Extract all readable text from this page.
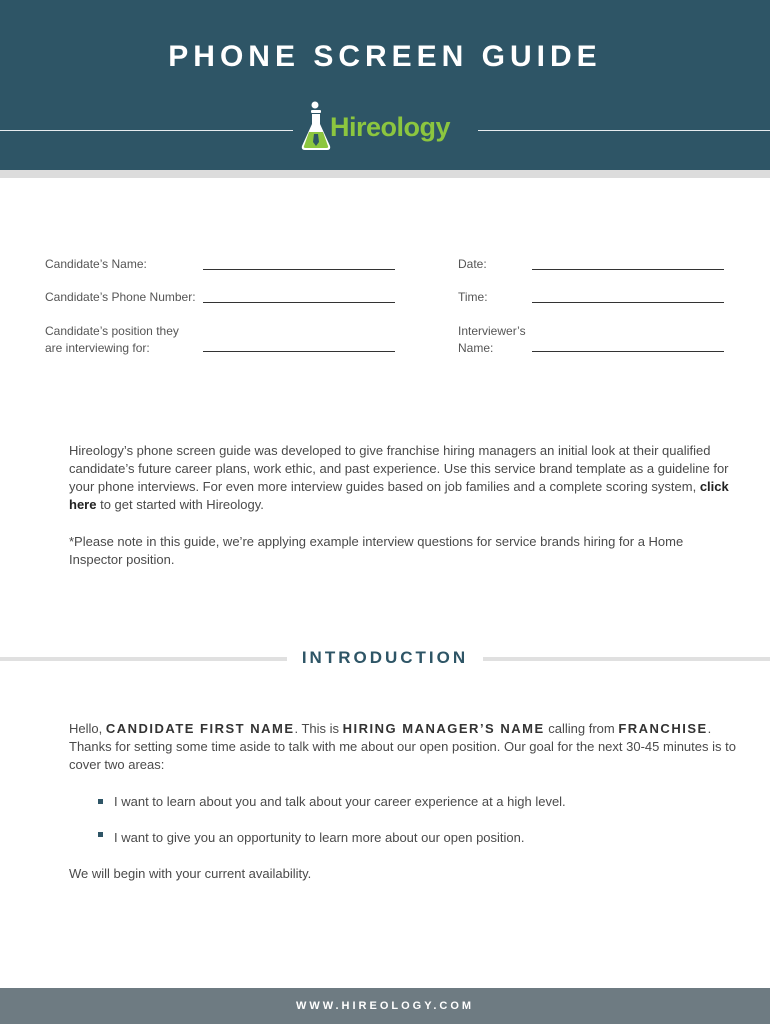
PHONE SCREEN GUIDE
Hireology
Candidate’s Name:
Candidate’s Phone Number:
Candidate’s position they
are interviewing for:
Date:
Time:
Interviewer’s
Name:
Hireology’s phone screen guide was developed to give franchise hiring managers an initial look at their qualified candidate’s future career plans, work ethic, and past experience. Use this service brand template as a guideline for your phone interviews. For even more interview guides based on job families and a complete scoring system, click here to get started with Hireology.
*Please note in this guide, we’re applying example interview questions for service brands hiring for a Home Inspector position.
INTRODUCTION
Hello, CANDIDATE FIRST NAME. This is HIRING MANAGER’S NAME calling from FRANCHISE. Thanks for setting some time aside to talk with me about our open position. Our goal for the next 30-45 minutes is to cover two areas:
I want to learn about you and talk about your career experience at a high level.
I want to give you an opportunity to learn more about our open position.
We will begin with your current availability.
WWW.HIREOLOGY.COM
